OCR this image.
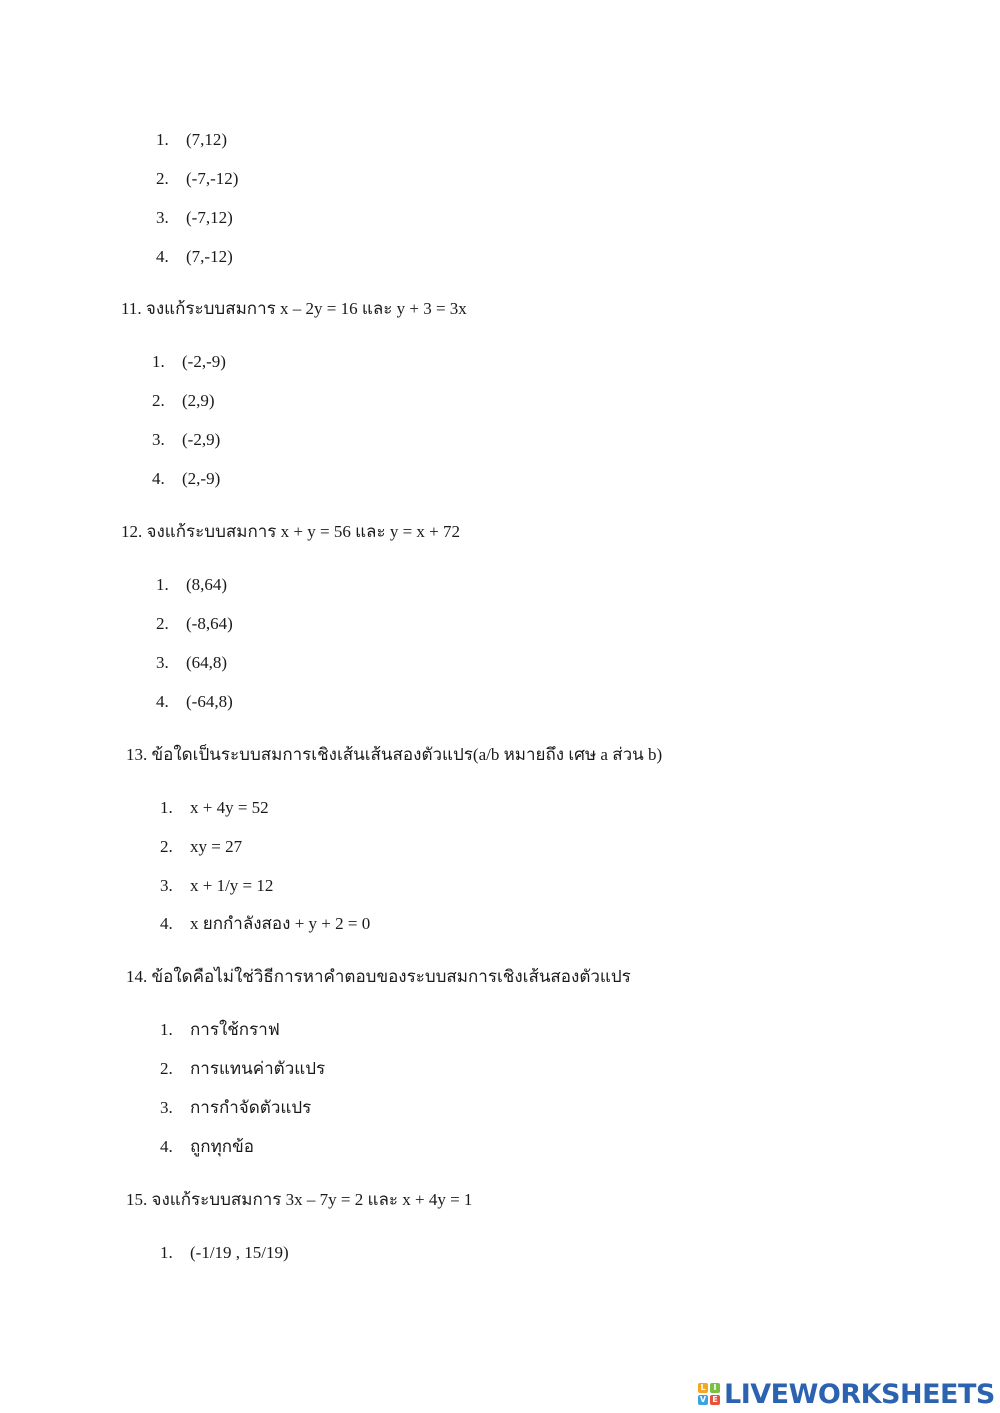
1. (7,12)
2. (-7,-12)
3. (-7,12)
4. (7,-12)
11. จงแก้ระบบสมการ x – 2y = 16 และ y + 3 = 3x
1. (-2,-9)
2. (2,9)
3. (-2,9)
4. (2,-9)
12. จงแก้ระบบสมการ x + y = 56 และ y = x + 72
1. (8,64)
2. (-8,64)
3. (64,8)
4. (-64,8)
13. ข้อใดเป็นระบบสมการเชิงเส้นเส้นสองตัวแปร(a/b หมายถึง เศษ a ส่วน b)
1. x + 4y = 52
2. xy = 27
3. x + 1/y = 12
4. x ยกกำลังสอง + y + 2 = 0
14. ข้อใดคือไม่ใช่วิธีการหาคำตอบของระบบสมการเชิงเส้นสองตัวแปร
1. การใช้กราฟ
2. การแทนค่าตัวแปร
3. การกำจัดตัวแปร
4. ถูกทุกข้อ
15. จงแก้ระบบสมการ 3x – 7y = 2 และ x + 4y = 1
1. (-1/19 , 15/19)
L I
V E LIVEWORKSHEETS
